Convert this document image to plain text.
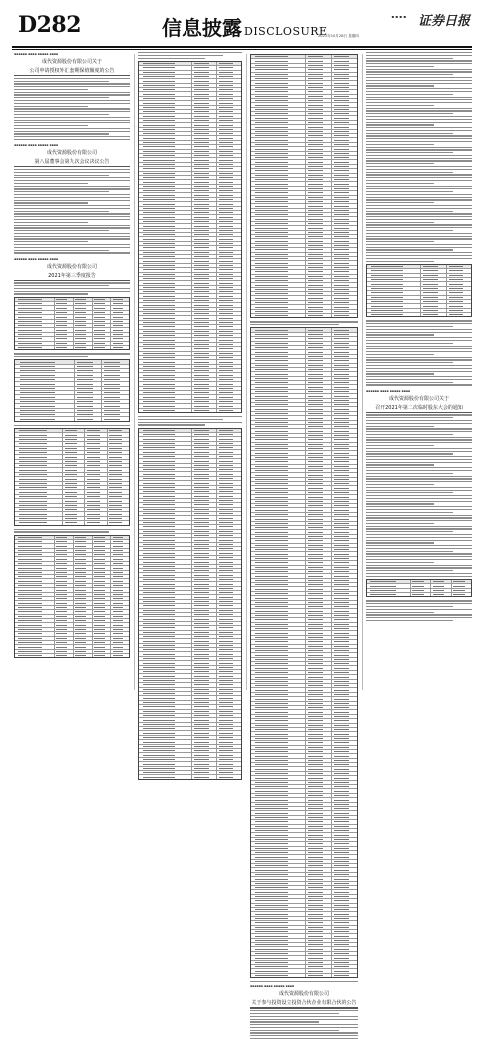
D282	信息披露 DISCLOSURE
▪ ▪ ▪ ▪ 证券日报
2021年10月28日 星期四
▪▪▪▪▪▪ ▪▪▪▪ ▪▪▪▪▪ ▪▪▪▪
成代资源股份有限公司关于
公司申请授权外汇套期保值额度的公告
▪▪▪▪▪▪ ▪▪▪▪ ▪▪▪▪▪ ▪▪▪▪
成代资源股份有限公司
第八届董事会第九次会议决议公告
▪▪▪▪▪▪ ▪▪▪▪ ▪▪▪▪▪ ▪▪▪▪
成代资源股份有限公司
2021年第三季度报告
▪▪▪▪▪▪ ▪▪▪▪ ▪▪▪▪▪ ▪▪▪▪
成代资源股份有限公司
关于参与投资设立投资合伙企业有限合伙的公告
▪▪▪▪▪▪ ▪▪▪▪ ▪▪▪▪▪ ▪▪▪▪
成代资源股份有限公司关于
召开2021年第二次临时股东大会的通知
